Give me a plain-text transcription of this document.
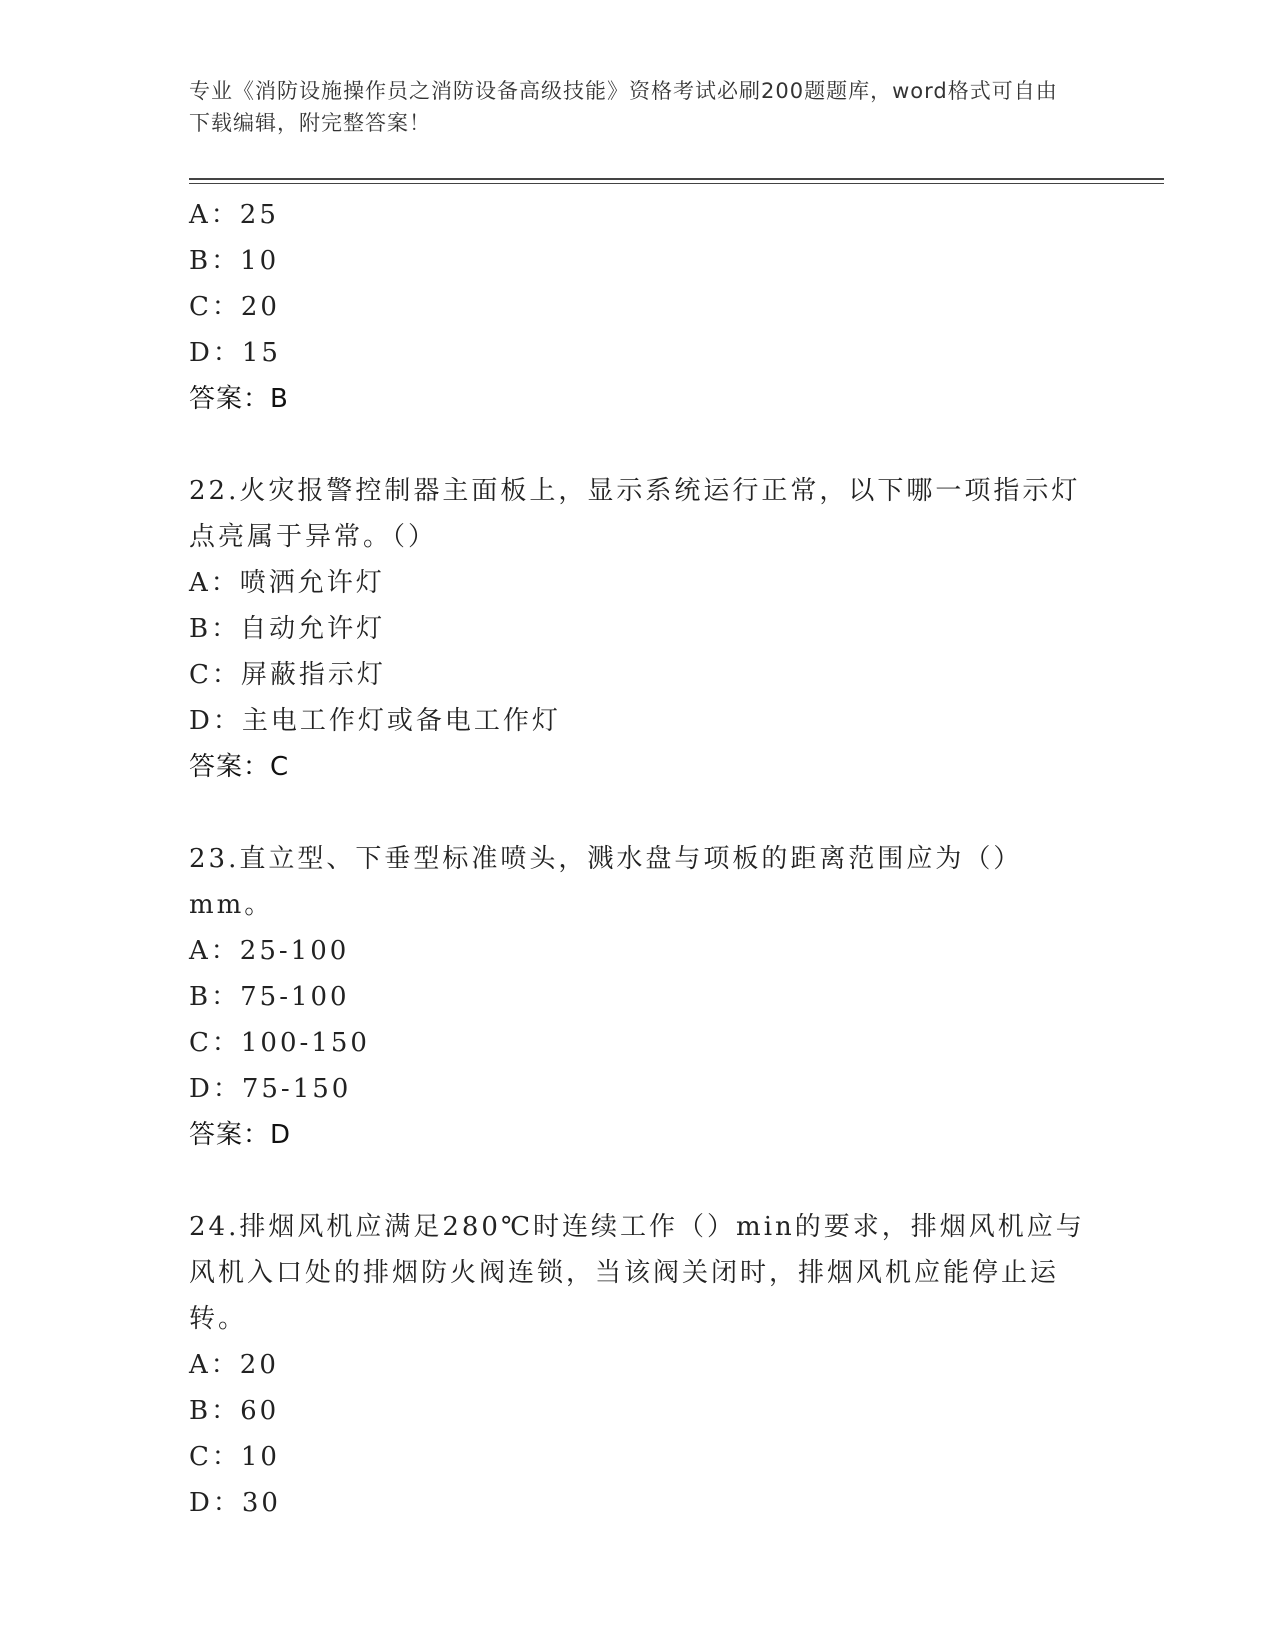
专业《消防设施操作员之消防设备高级技能》资格考试必刷200题题库，word格式可自由下载编辑，附完整答案！
A：25
B：10
C：20
D：15
答案：B
22.火灾报警控制器主面板上，显示系统运行正常，以下哪一项指示灯点亮属于异常。（）
A：喷洒允许灯
B：自动允许灯
C：屏蔽指示灯
D：主电工作灯或备电工作灯
答案：C
23.直立型、下垂型标准喷头，溅水盘与项板的距离范围应为（）mm。
A：25-100
B：75-100
C：100-150
D：75-150
答案：D
24.排烟风机应满足280℃时连续工作（）min的要求，排烟风机应与风机入口处的排烟防火阀连锁，当该阀关闭时，排烟风机应能停止运转。
A：20
B：60
C：10
D：30
